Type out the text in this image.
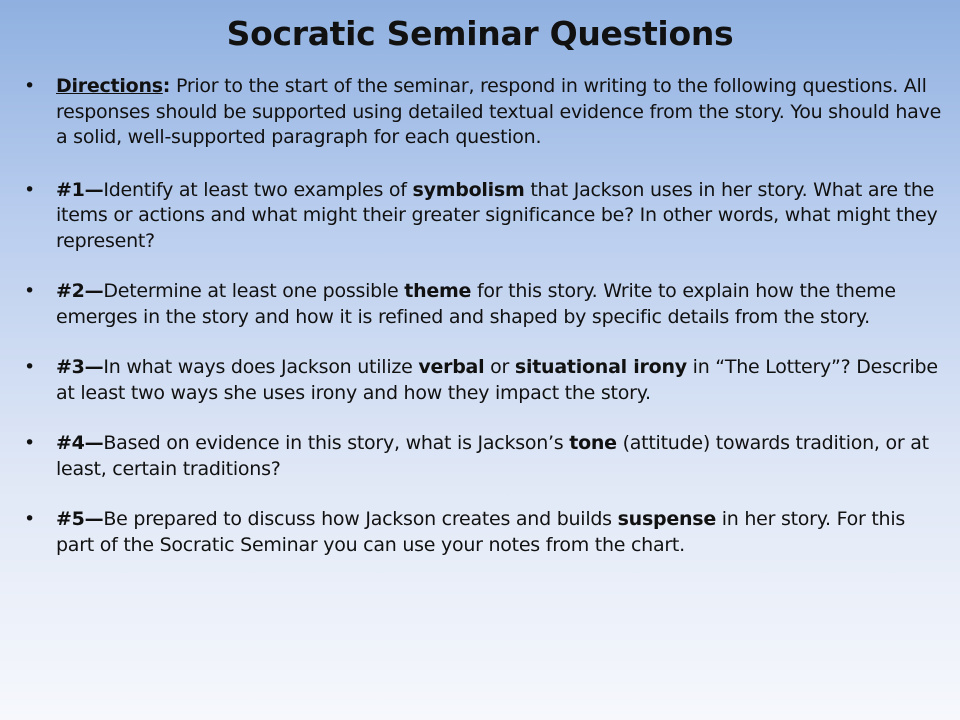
Socratic Seminar Questions
• Directions: Prior to the start of the seminar, respond in writing to the following questions. All responses should be supported using detailed textual evidence from the story. You should have a solid, well-supported paragraph for each question.
• #1—Identify at least two examples of symbolism that Jackson uses in her story. What are the items or actions and what might their greater significance be? In other words, what might they represent?
• #2—Determine at least one possible theme for this story. Write to explain how the theme emerges in the story and how it is refined and shaped by specific details from the story.
• #3—In what ways does Jackson utilize verbal or situational irony in “The Lottery”? Describe at least two ways she uses irony and how they impact the story.
• #4—Based on evidence in this story, what is Jackson’s tone (attitude) towards tradition, or at least, certain traditions?
• #5—Be prepared to discuss how Jackson creates and builds suspense in her story. For this part of the Socratic Seminar you can use your notes from the chart.
